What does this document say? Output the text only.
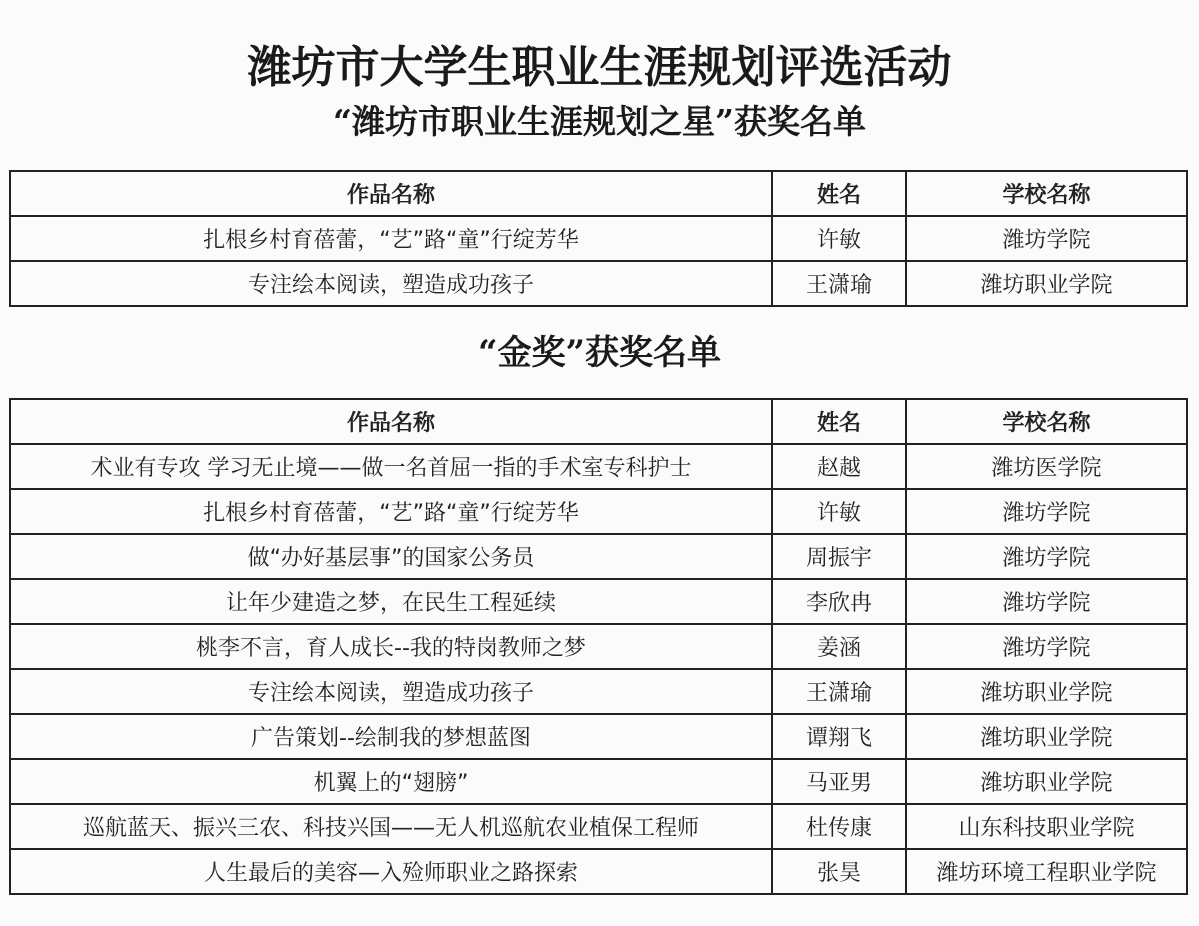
潍坊市大学生职业生涯规划评选活动
“潍坊市职业生涯规划之星”获奖名单
作品名称	姓名	学校名称
扎根乡村育蓓蕾，“艺”路“童”行绽芳华	许敏	潍坊学院
专注绘本阅读，塑造成功孩子	王潇瑜	潍坊职业学院
“金奖”获奖名单
作品名称	姓名	学校名称
术业有专攻 学习无止境——做一名首屈一指的手术室专科护士	赵越	潍坊医学院
扎根乡村育蓓蕾，“艺”路“童”行绽芳华	许敏	潍坊学院
做“办好基层事”的国家公务员	周振宇	潍坊学院
让年少建造之梦，在民生工程延续	李欣冉	潍坊学院
桃李不言，育人成长--我的特岗教师之梦	姜涵	潍坊学院
专注绘本阅读，塑造成功孩子	王潇瑜	潍坊职业学院
广告策划--绘制我的梦想蓝图	谭翔飞	潍坊职业学院
机翼上的“翅膀”	马亚男	潍坊职业学院
巡航蓝天、振兴三农、科技兴国——无人机巡航农业植保工程师	杜传康	山东科技职业学院
人生最后的美容—入殓师职业之路探索	张昊	潍坊环境工程职业学院
